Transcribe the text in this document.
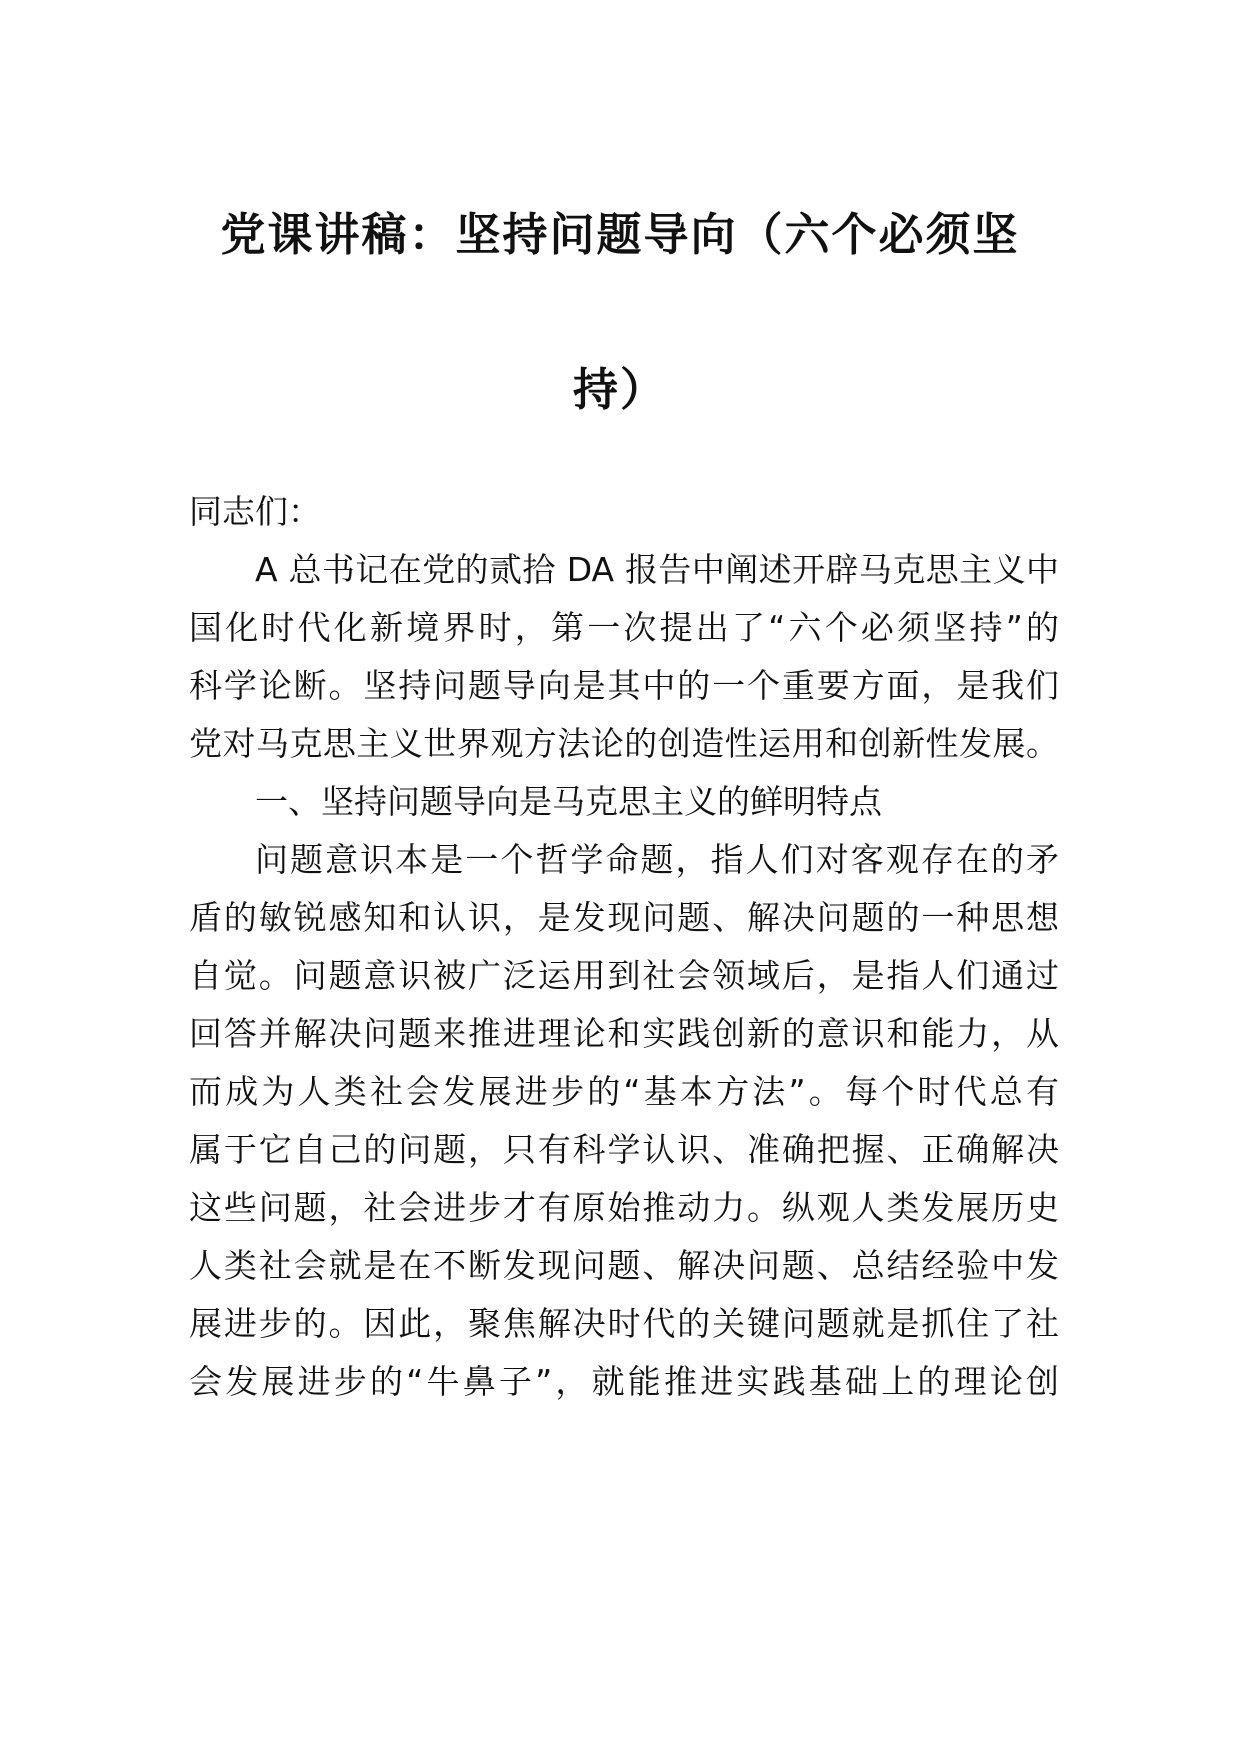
党课讲稿：坚持问题导向（六个必须坚
持）
同志们：
A 总书记在党的贰拾 DA 报告中阐述开辟马克思主义中
国化时代化新境界时，第一次提出了“六个必须坚持”的
科学论断。坚持问题导向是其中的一个重要方面，是我们
党对马克思主义世界观方法论的创造性运用和创新性发展。
一、坚持问题导向是马克思主义的鲜明特点
问题意识本是一个哲学命题，指人们对客观存在的矛
盾的敏锐感知和认识，是发现问题、解决问题的一种思想
自觉。问题意识被广泛运用到社会领域后，是指人们通过
回答并解决问题来推进理论和实践创新的意识和能力，从
而成为人类社会发展进步的“基本方法”。每个时代总有
属于它自己的问题，只有科学认识、准确把握、正确解决
这些问题，社会进步才有原始推动力。纵观人类发展历史
人类社会就是在不断发现问题、解决问题、总结经验中发
展进步的。因此，聚焦解决时代的关键问题就是抓住了社
会发展进步的“牛鼻子”，就能推进实践基础上的理论创
